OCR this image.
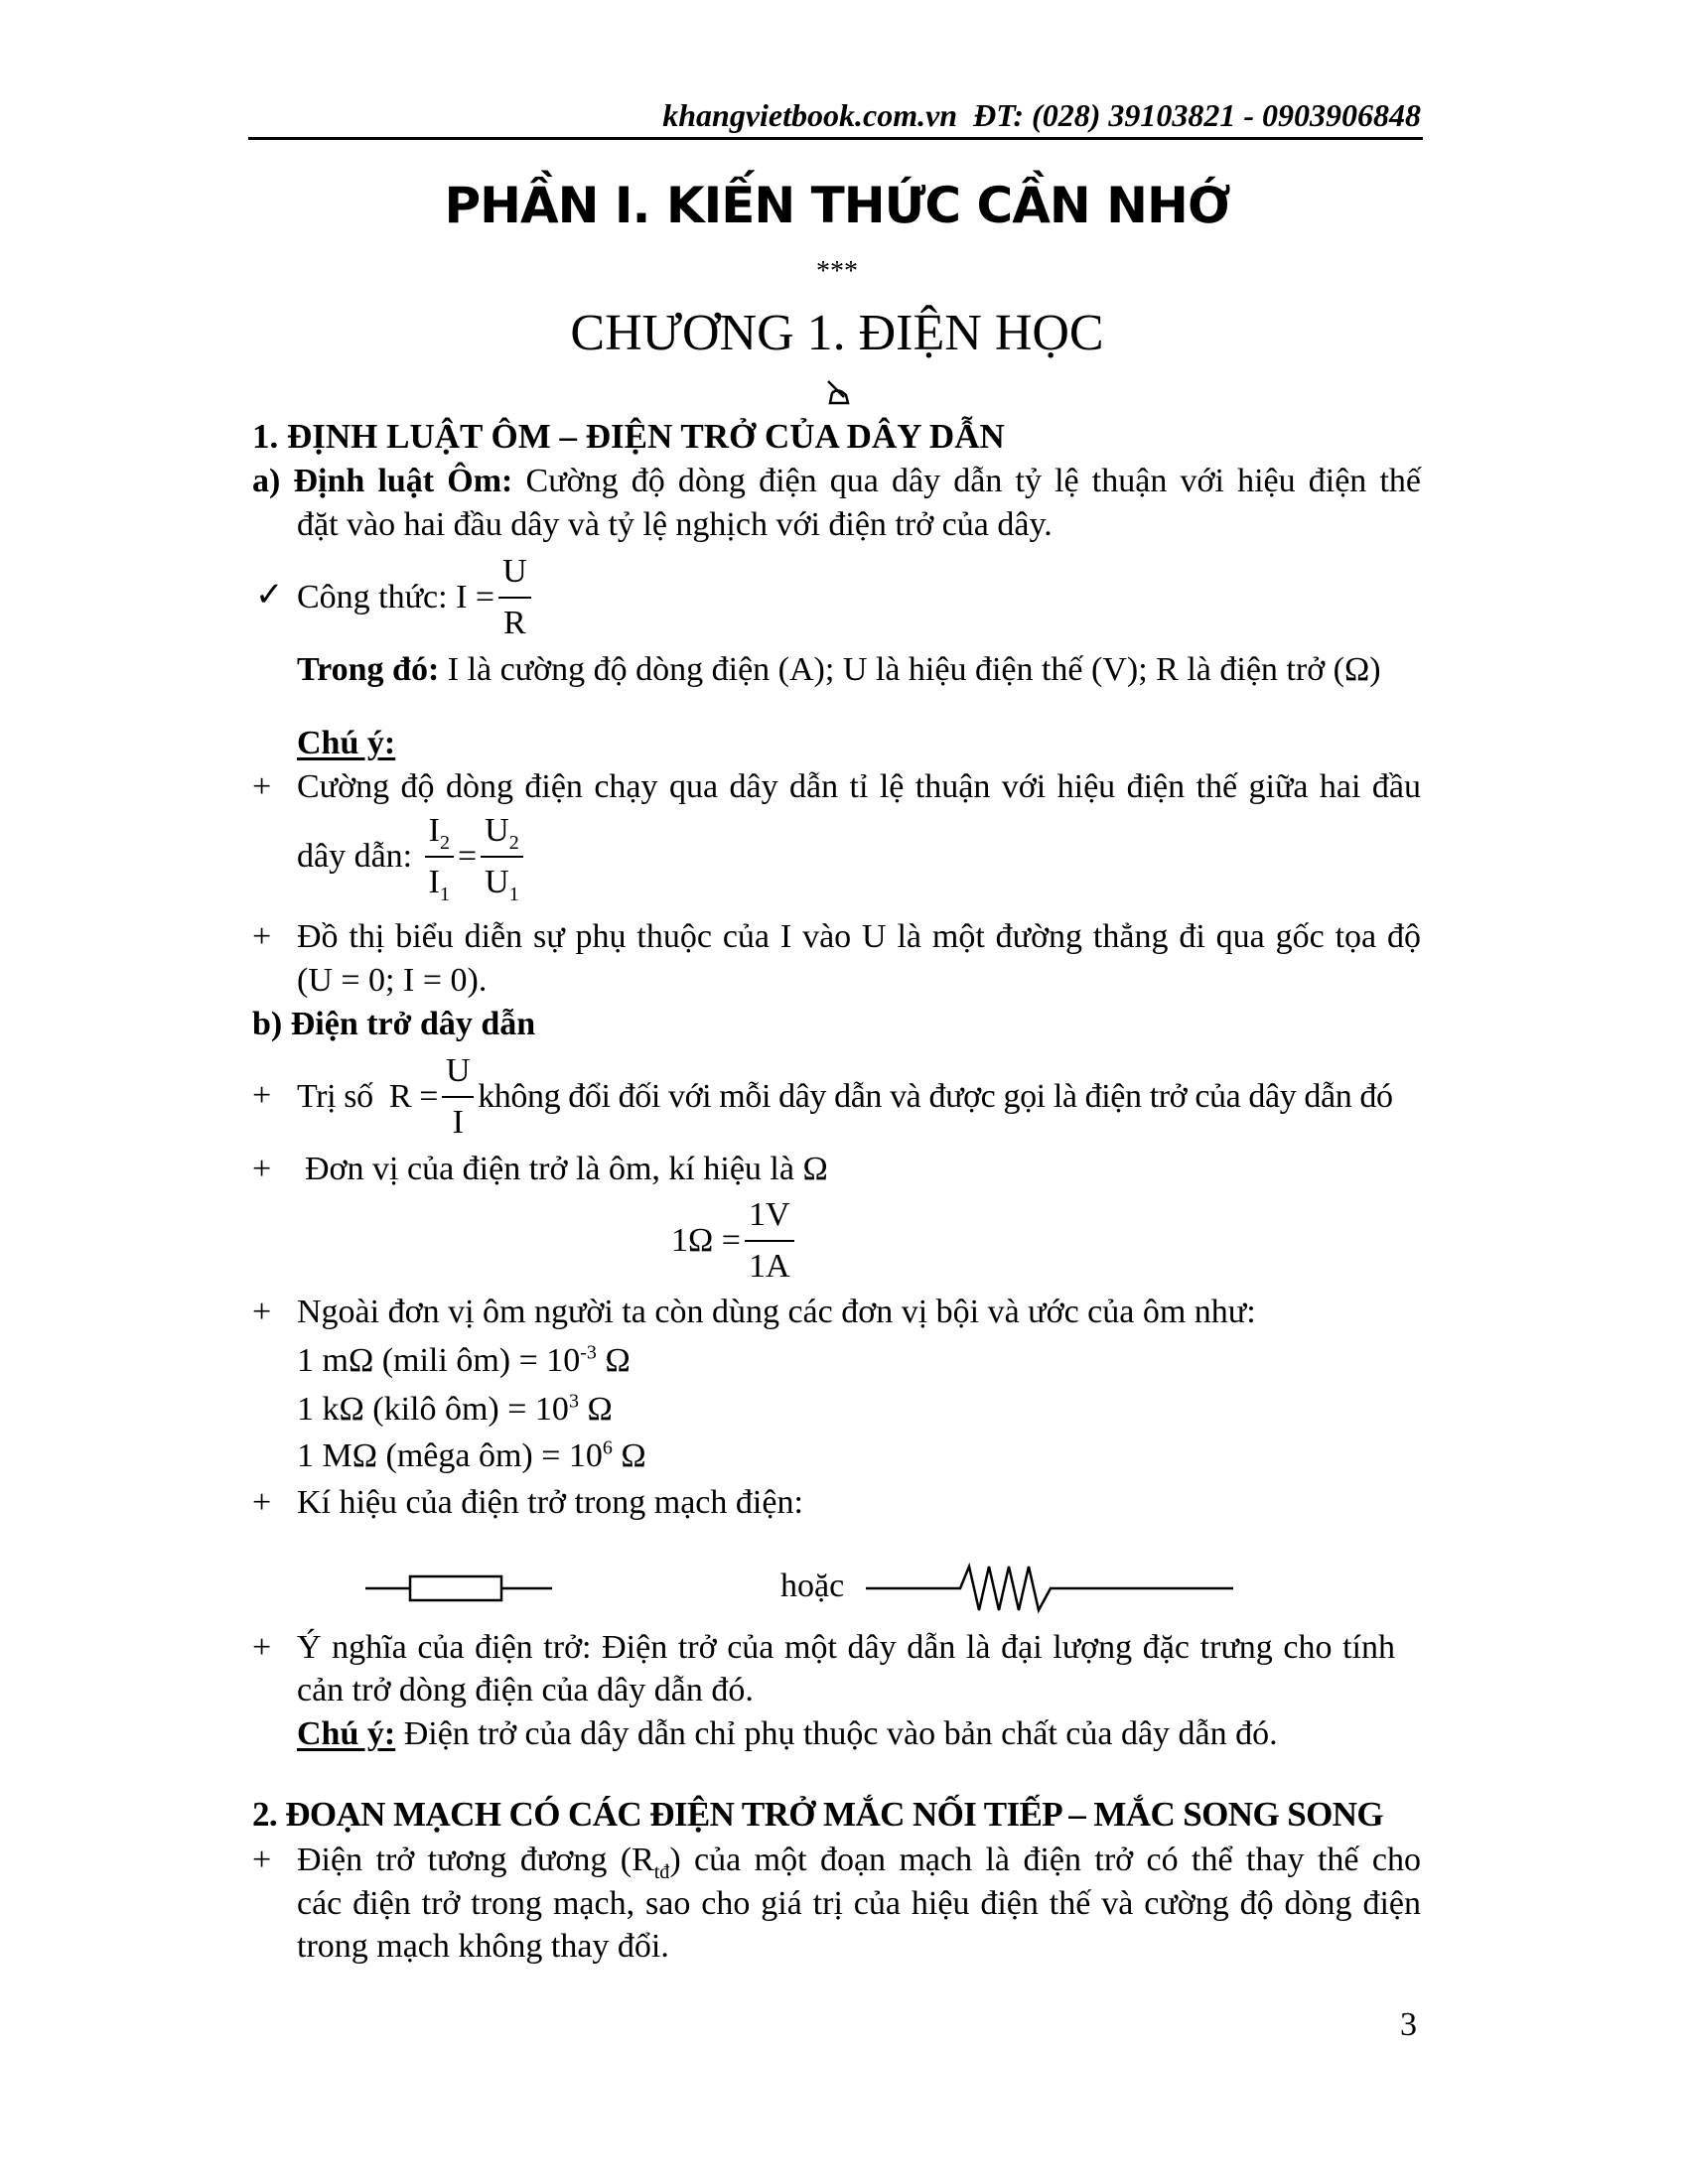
khangvietbook.com.vn ĐT: (028) 39103821 - 0903906848
PHẦN I. KIẾN THỨC CẦN NHỚ
***
CHƯƠNG 1. ĐIỆN HỌC
1. ĐỊNH LUẬT ÔM – ĐIỆN TRỞ CỦA DÂY DẪN
a) Định luật Ôm: Cường độ dòng điện qua dây dẫn tỷ lệ thuận với hiệu điện thế
đặt vào hai đầu dây và tỷ lệ nghịch với điện trở của dây.
✓ Công thức:
$I = \frac{U}{R}$
Trong đó: I là cường độ dòng điện (A); U là hiệu điện thế (V); R là điện trở (Ω)
Chú ý:
+ Cường độ dòng điện chạy qua dây dẫn tỉ lệ thuận với hiệu điện thế giữa hai đầu
dây dẫn:
$\frac{I_2}{I_1} = \frac{U_2}{U_1}$
+ Đồ thị biểu diễn sự phụ thuộc của I vào U là một đường thẳng đi qua gốc tọa độ
(U = 0; I = 0).
b) Điện trở dây dẫn
+ Trị số  $R = \frac{U}{I}$ không đổi đối với mỗi dây dẫn và được gọi là điện trở của dây dẫn đó
+ Đơn vị của điện trở là ôm, kí hiệu là Ω
$1\Omega = \frac{1V}{1A}$
+ Ngoài đơn vị ôm người ta còn dùng các đơn vị bội và ước của ôm như:
1 mΩ (mili ôm) = $10^{-3}$ Ω
1 kΩ (kilô ôm) = $10^3$ Ω
1 MΩ (mêga ôm) = $10^6$ Ω
+ Kí hiệu của điện trở trong mạch điện:
hoặc
+ Ý nghĩa của điện trở: Điện trở của một dây dẫn là đại lượng đặc trưng cho tính
cản trở dòng điện của dây dẫn đó.
Chú ý: Điện trở của dây dẫn chỉ phụ thuộc vào bản chất của dây dẫn đó.
2. ĐOẠN MẠCH CÓ CÁC ĐIỆN TRỞ MẮC NỐI TIẾP – MẮC SONG SONG
+ Điện trở tương đương $(R_{tđ})$ của một đoạn mạch là điện trở có thể thay thế cho
các điện trở trong mạch, sao cho giá trị của hiệu điện thế và cường độ dòng điện
trong mạch không thay đổi.
3
